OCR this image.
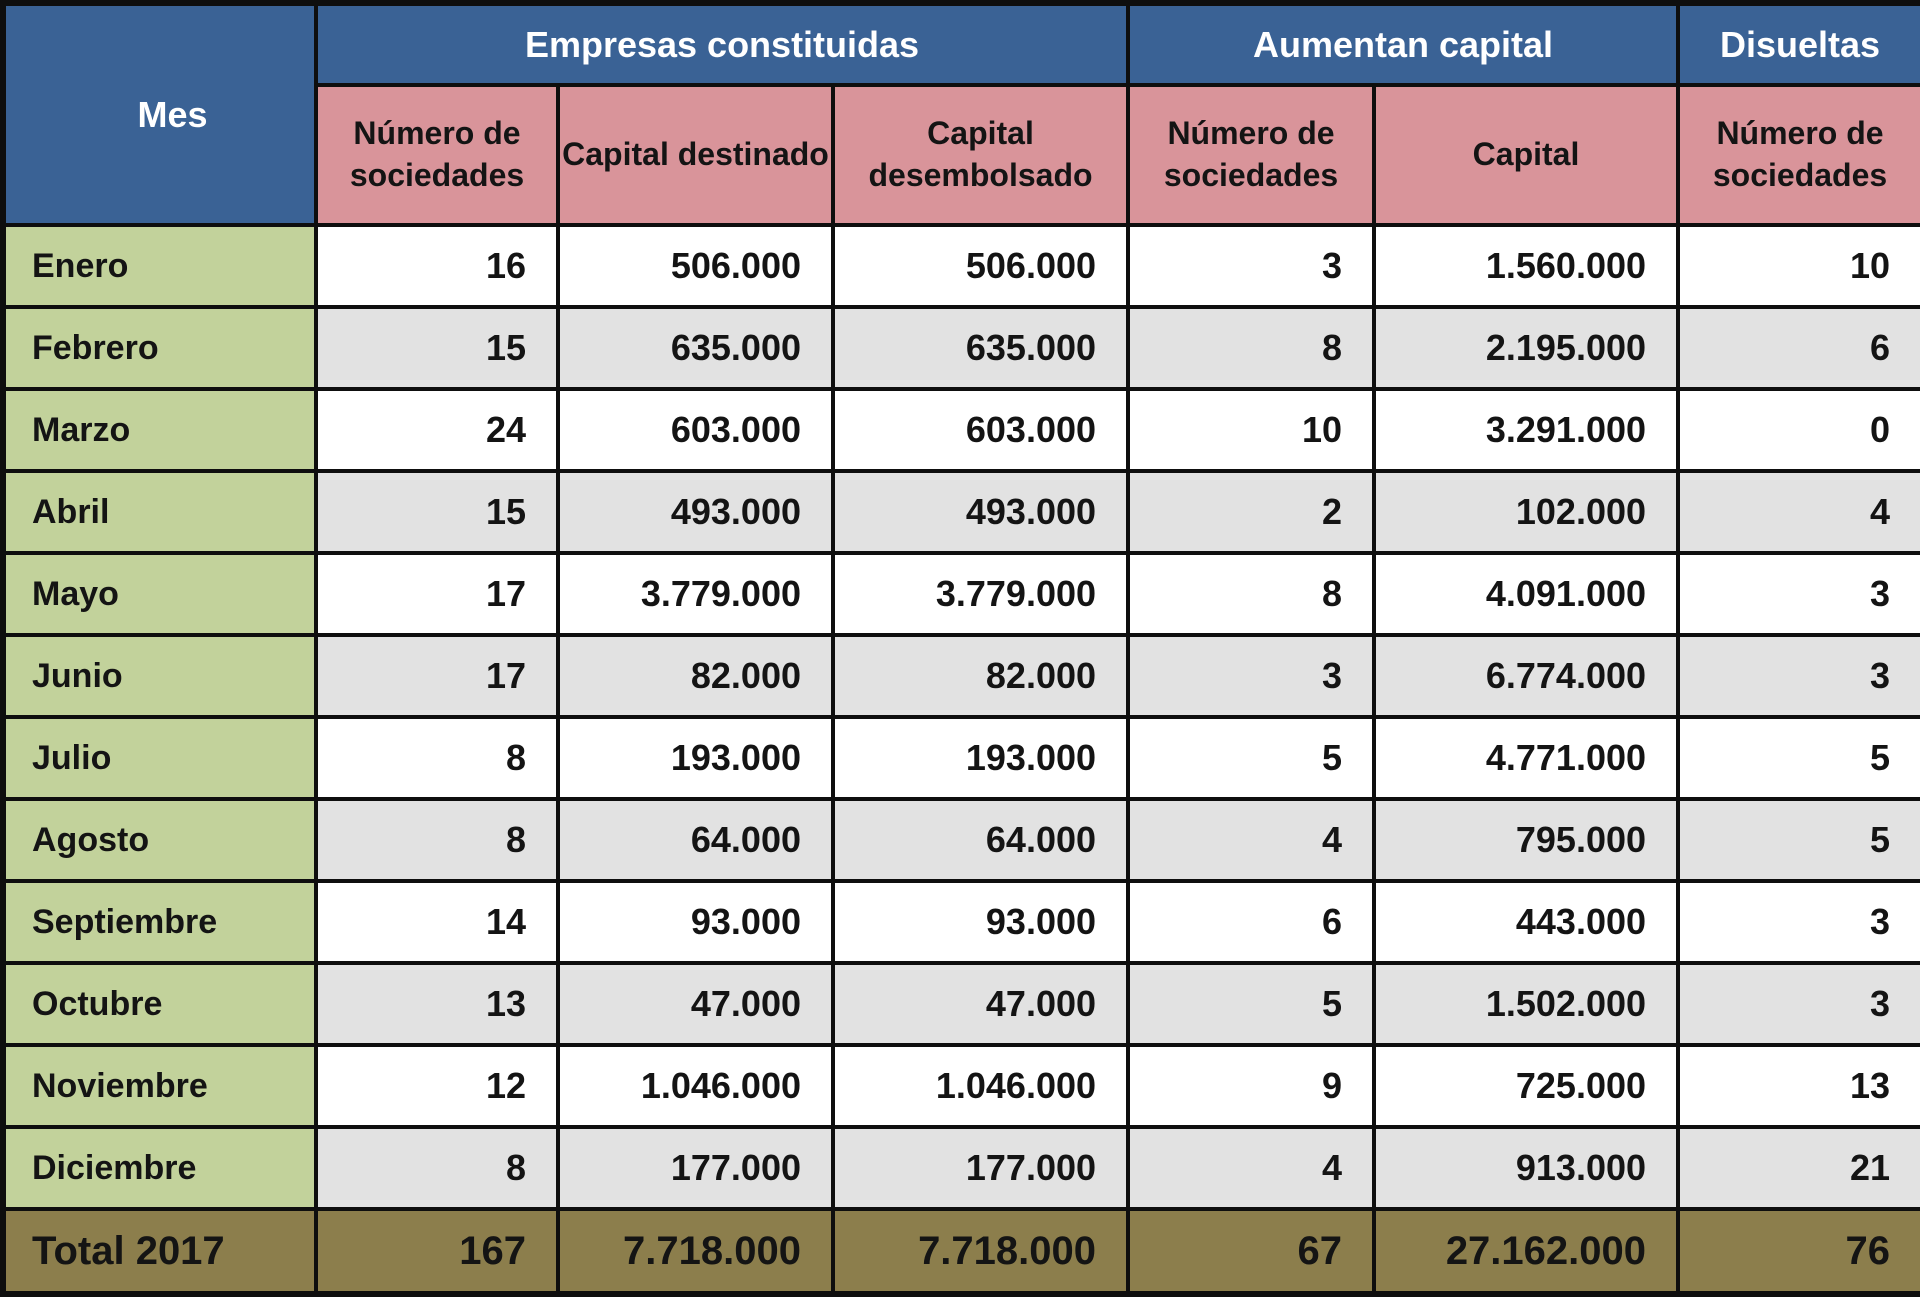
Mes	Empresas constituidas			Aumentan capital		Disueltas
	Número de sociedades	Capital destinado	Capital desembolsado	Número de sociedades	Capital	Número de sociedades
Enero	16	506.000	506.000	3	1.560.000	10
Febrero	15	635.000	635.000	8	2.195.000	6
Marzo	24	603.000	603.000	10	3.291.000	0
Abril	15	493.000	493.000	2	102.000	4
Mayo	17	3.779.000	3.779.000	8	4.091.000	3
Junio	17	82.000	82.000	3	6.774.000	3
Julio	8	193.000	193.000	5	4.771.000	5
Agosto	8	64.000	64.000	4	795.000	5
Septiembre	14	93.000	93.000	6	443.000	3
Octubre	13	47.000	47.000	5	1.502.000	3
Noviembre	12	1.046.000	1.046.000	9	725.000	13
Diciembre	8	177.000	177.000	4	913.000	21
Total 2017	167	7.718.000	7.718.000	67	27.162.000	76
